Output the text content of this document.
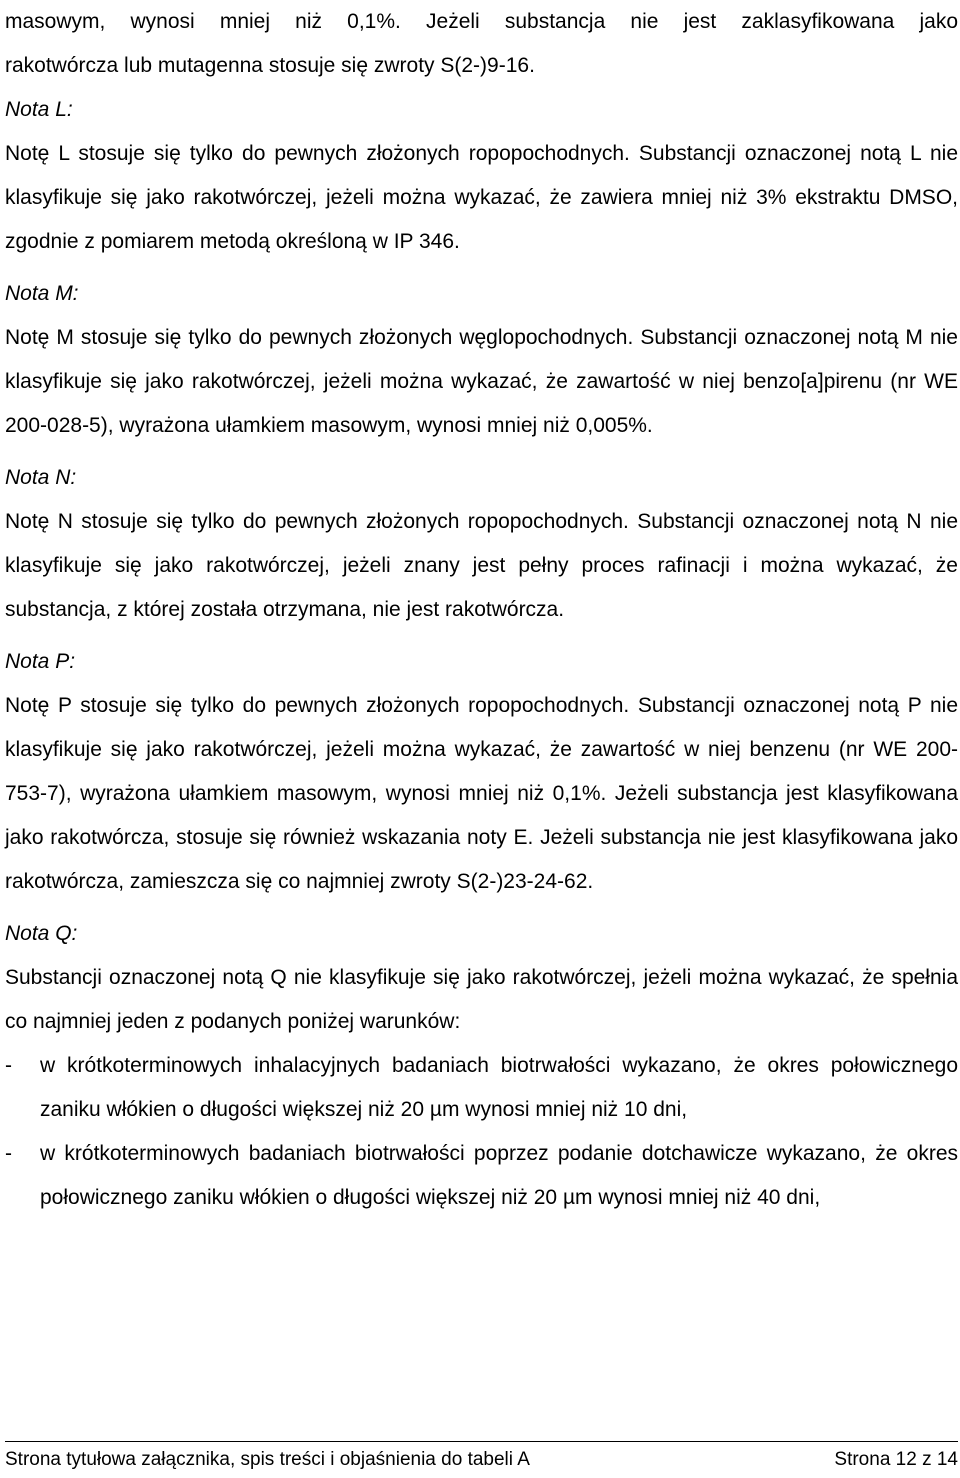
masowym, wynosi mniej niż 0,1%. Jeżeli substancja nie jest zaklasyfikowana jako

rakotwórcza lub mutagenna stosuje się zwroty S(2-)9-16.

Nota L:

Notę L stosuje się tylko do pewnych złożonych ropopochodnych. Substancji oznaczonej notą L nie klasyfikuje się jako rakotwórczej, jeżeli można wykazać, że zawiera mniej niż 3% ekstraktu DMSO, zgodnie z pomiarem metodą określoną w IP 346.

Nota M:

Notę M stosuje się tylko do pewnych złożonych węglopochodnych. Substancji oznaczonej notą M nie klasyfikuje się jako rakotwórczej, jeżeli można wykazać, że zawartość w niej benzo[a]pirenu (nr WE 200-028-5), wyrażona ułamkiem masowym, wynosi mniej niż 0,005%.

Nota N:

Notę N stosuje się tylko do pewnych złożonych ropopochodnych. Substancji oznaczonej notą N nie klasyfikuje się jako rakotwórczej, jeżeli znany jest pełny proces rafinacji i można wykazać, że substancja, z której została otrzymana, nie jest rakotwórcza.

Nota P:

Notę P stosuje się tylko do pewnych złożonych ropopochodnych. Substancji oznaczonej notą P nie klasyfikuje się jako rakotwórczej, jeżeli można wykazać, że zawartość w niej benzenu (nr WE 200-753-7), wyrażona ułamkiem masowym, wynosi mniej niż 0,1%. Jeżeli substancja jest klasyfikowana jako rakotwórcza, stosuje się również wskazania noty E. Jeżeli substancja nie jest klasyfikowana jako rakotwórcza, zamieszcza się co najmniej zwroty S(2-)23-24-62.

Nota Q:

Substancji oznaczonej notą Q nie klasyfikuje się jako rakotwórczej, jeżeli można wykazać, że spełnia co najmniej jeden z podanych poniżej warunków:

-	w krótkoterminowych inhalacyjnych badaniach biotrwałości wykazano, że okres połowicznego zaniku włókien o długości większej niż 20 µm wynosi mniej niż 10 dni,
-	w krótkoterminowych badaniach biotrwałości poprzez podanie dotchawicze wykazano, że okres połowicznego zaniku włókien o długości większej niż 20 µm wynosi mniej niż 40 dni,
Strona tytułowa załącznika, spis treści i objaśnienia do tabeli A	Strona 12 z 14
